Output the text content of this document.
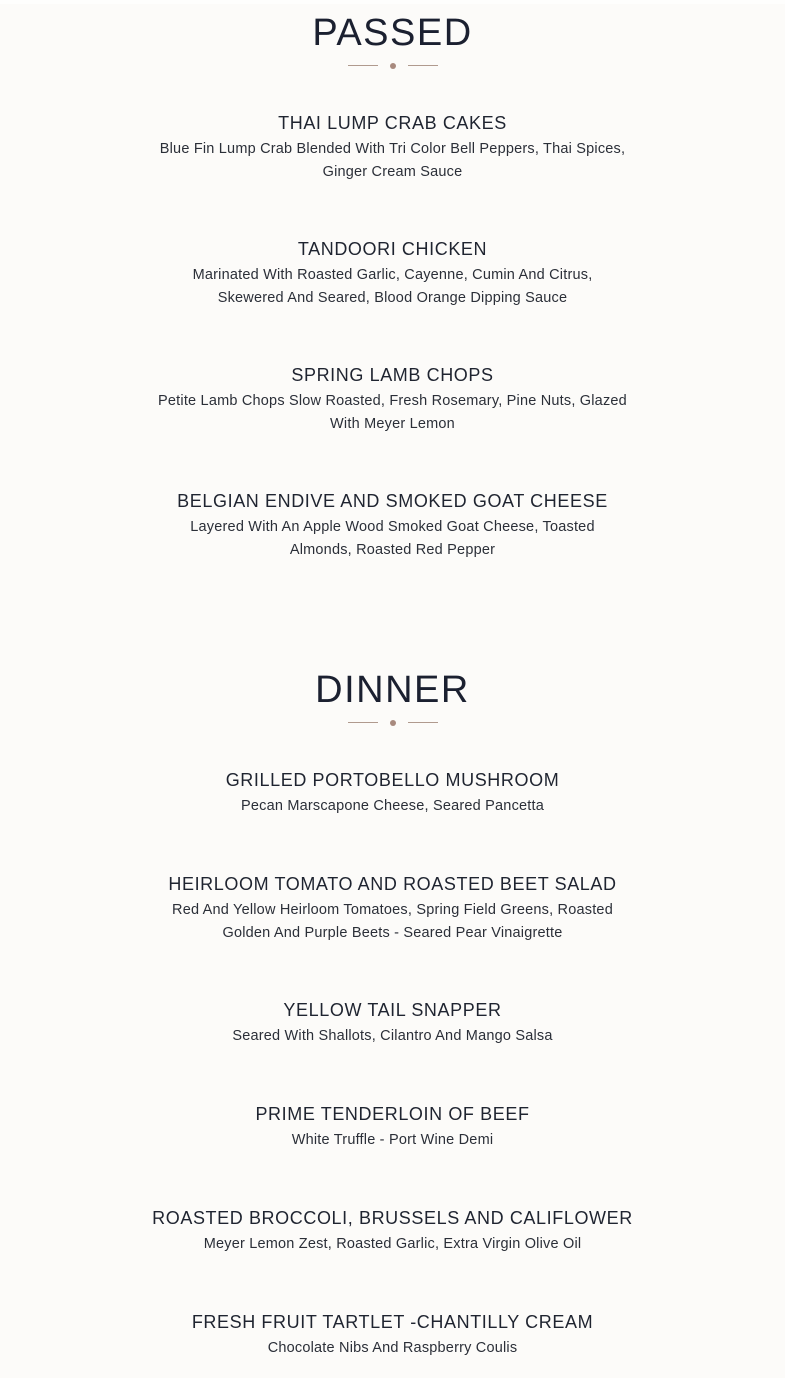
PASSED
THAI LUMP CRAB CAKES

Blue Fin Lump Crab Blended With Tri Color Bell Peppers, Thai Spices,
Ginger Cream Sauce

TANDOORI CHICKEN

Marinated With Roasted Garlic, Cayenne, Cumin And Citrus,
Skewered And Seared, Blood Orange Dipping Sauce

SPRING LAMB CHOPS

Petite Lamb Chops Slow Roasted, Fresh Rosemary, Pine Nuts, Glazed
With Meyer Lemon

BELGIAN ENDIVE AND SMOKED GOAT CHEESE

Layered With An Apple Wood Smoked Goat Cheese, Toasted
Almonds, Roasted Red Pepper

DINNER
GRILLED PORTOBELLO MUSHROOM

Pecan Marscapone Cheese, Seared Pancetta

HEIRLOOM TOMATO AND ROASTED BEET SALAD

Red And Yellow Heirloom Tomatoes, Spring Field Greens, Roasted
Golden And Purple Beets - Seared Pear Vinaigrette

YELLOW TAIL SNAPPER

Seared With Shallots, Cilantro And Mango Salsa

PRIME TENDERLOIN OF BEEF

White Truffle - Port Wine Demi

ROASTED BROCCOLI, BRUSSELS AND CALIFLOWER

Meyer Lemon Zest, Roasted Garlic, Extra Virgin Olive Oil

FRESH FRUIT TARTLET -CHANTILLY CREAM

Chocolate Nibs And Raspberry Coulis
